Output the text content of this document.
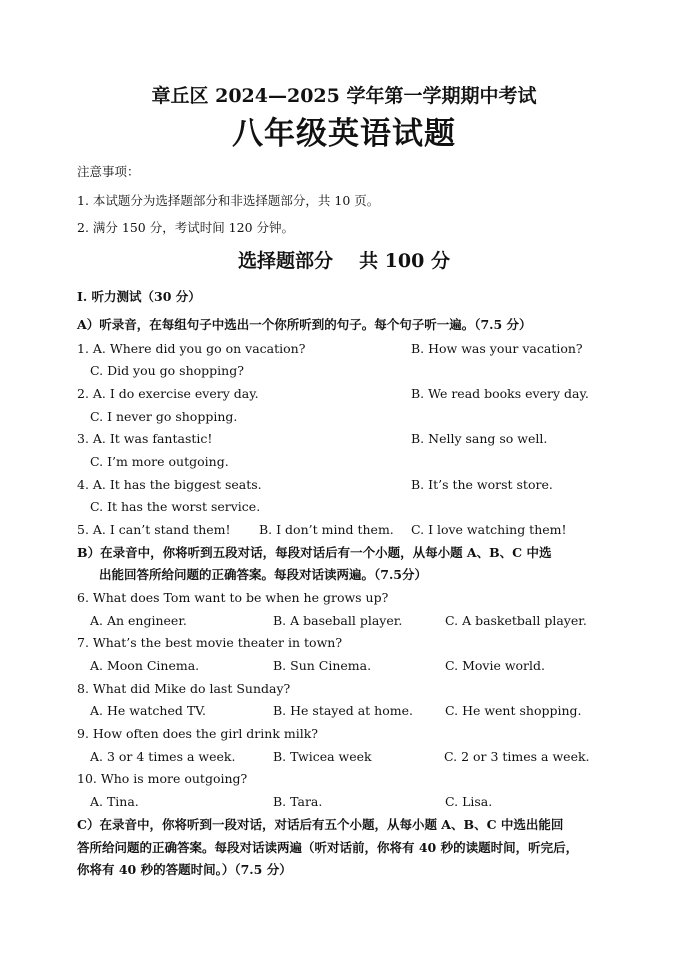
章丘区 2024—2025 学年第一学期期中考试
八年级英语试题
注意事项：
1. 本试题分为选择题部分和非选择题部分，共 10 页。
2. 满分 150 分，考试时间 120 分钟。
选择题部分 共 100 分
I. 听力测试（30 分）
A）听录音，在每组句子中选出一个你所听到的句子。每个句子听一遍。（7.5 分）
1. A. Where did you go on vacation?	B. How was your vacation?
C. Did you go shopping?
2. A. I do exercise every day.	B. We read books every day.
C. I never go shopping.
3. A. It was fantastic!	B. Nelly sang so well.
C. I’m more outgoing.
4. A. It has the biggest seats.	B. It’s the worst store.
C. It has the worst service.
5. A. I can’t stand them! B. I don’t mind them. C. I love watching them!
B）在录音中，你将听到五段对话，每段对话后有一个小题，从每小题 A、B、C 中选
出能回答所给问题的正确答案。每段对话读两遍。（7.5分）
6. What does Tom want to be when he grows up?
A. An engineer.	B. A baseball player.	C. A basketball player.
7. What’s the best movie theater in town?
A. Moon Cinema.	B. Sun Cinema.	C. Movie world.
8. What did Mike do last Sunday?
A. He watched TV.	B. He stayed at home.	C. He went shopping.
9. How often does the girl drink milk?
A. 3 or 4 times a week.	B. Twicea week	C. 2 or 3 times a week.
10. Who is more outgoing?
A. Tina.	B. Tara.	C. Lisa.
C）在录音中，你将听到一段对话，对话后有五个小题，从每小题 A、B、C 中选出能回
答所给问题的正确答案。每段对话读两遍（听对话前，你将有 40 秒的读题时间，听完后，
你将有 40 秒的答题时间。）（7.5 分）
